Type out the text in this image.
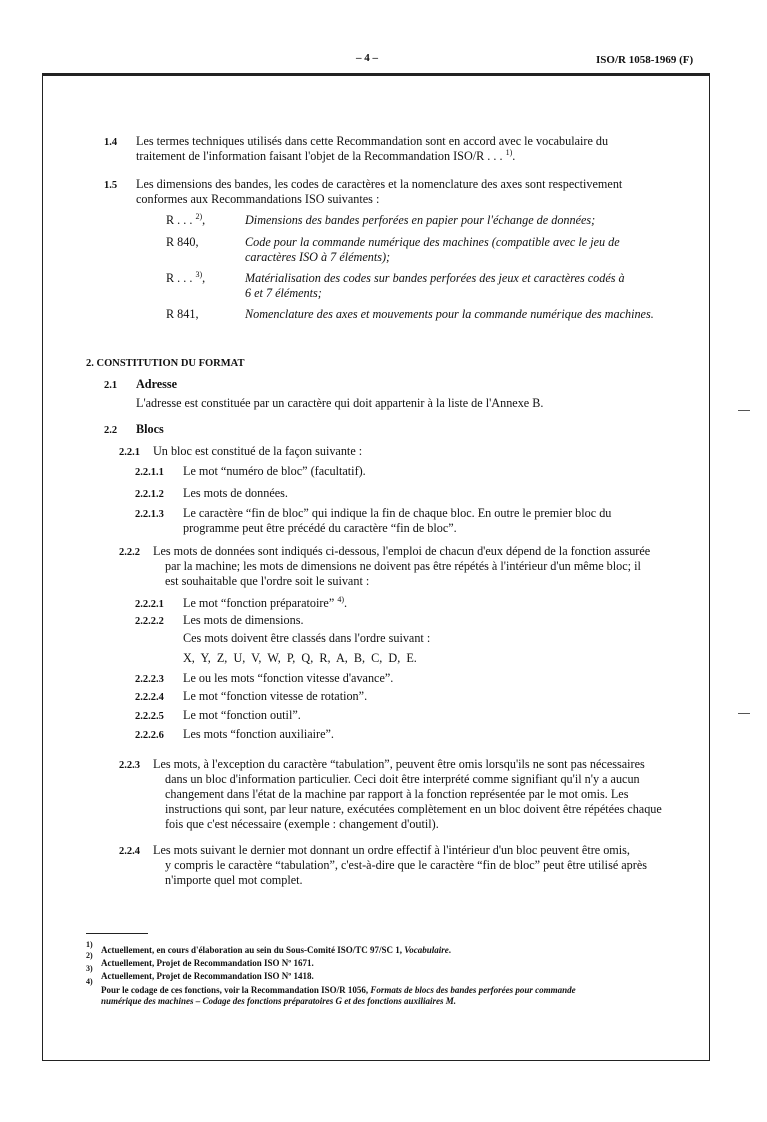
– 4 –	ISO/R 1058-1969 (F)
1.4 Les termes techniques utilisés dans cette Recommandation sont en accord avec le vocabulaire du
traitement de l'information faisant l'objet de la Recommandation ISO/R . . . $^{1)}$.
1.5 Les dimensions des bandes, les codes de caractères et la nomenclature des axes sont respectivement
conformes aux Recommandations ISO suivantes :
R . . . $^{2)}$,	Dimensions des bandes perforées en papier pour l'échange de données;
R 840,	Code pour la commande numérique des machines (compatible avec le jeu de
caractères ISO à 7 éléments);
R . . . $^{3)}$,	Matérialisation des codes sur bandes perforées des jeux et caractères codés à
6 et 7 éléments;
R 841,	Nomenclature des axes et mouvements pour la commande numérique des machines.
2. CONSTITUTION DU FORMAT
2.1 Adresse
L'adresse est constituée par un caractère qui doit appartenir à la liste de l'Annexe B.
2.2 Blocs
2.2.1 Un bloc est constitué de la façon suivante :
2.2.1.1 Le mot “numéro de bloc” (facultatif).
2.2.1.2 Les mots de données.
2.2.1.3 Le caractère “fin de bloc” qui indique la fin de chaque bloc. En outre le premier bloc du
programme peut être précédé du caractère “fin de bloc”.
2.2.2 Les mots de données sont indiqués ci-dessous, l'emploi de chacun d'eux dépend de la fonction assurée
par la machine; les mots de dimensions ne doivent pas être répétés à l'intérieur d'un même bloc; il
est souhaitable que l'ordre soit le suivant :
2.2.2.1 Le mot “fonction préparatoire” $^{4)}$.
2.2.2.2 Les mots de dimensions.
Ces mots doivent être classés dans l'ordre suivant :
X,  Y,  Z,  U,  V,  W,  P,  Q,  R,  A,  B,  C,  D,  E.
2.2.2.3 Le ou les mots “fonction vitesse d'avance”.
2.2.2.4 Le mot “fonction vitesse de rotation”.
2.2.2.5 Le mot “fonction outil”.
2.2.2.6 Les mots “fonction auxiliaire”.
2.2.3 Les mots, à l'exception du caractère “tabulation”, peuvent être omis lorsqu'ils ne sont pas nécessaires
dans un bloc d'information particulier. Ceci doit être interprété comme signifiant qu'il n'y a aucun
changement dans l'état de la machine par rapport à la fonction représentée par le mot omis. Les
instructions qui sont, par leur nature, exécutées complètement en un bloc doivent être répétées chaque
fois que c'est nécessaire (exemple : changement d'outil).
2.2.4 Les mots suivant le dernier mot donnant un ordre effectif à l'intérieur d'un bloc peuvent être omis,
y compris le caractère “tabulation”, c'est-à-dire que le caractère “fin de bloc” peut être utilisé après
n'importe quel mot complet.
1)
Actuellement, en cours d'élaboration au sein du Sous-Comité ISO/TC 97/SC 1, Vocabulaire.
2)
Actuellement, Projet de Recommandation ISO Nº 1671.
3)
Actuellement, Projet de Recommandation ISO Nº 1418.
4)
Pour le codage de ces fonctions, voir la Recommandation ISO/R 1056, Formats de blocs des bandes perforées pour commande
numérique des machines – Codage des fonctions préparatoires G et des fonctions auxiliaires M.
